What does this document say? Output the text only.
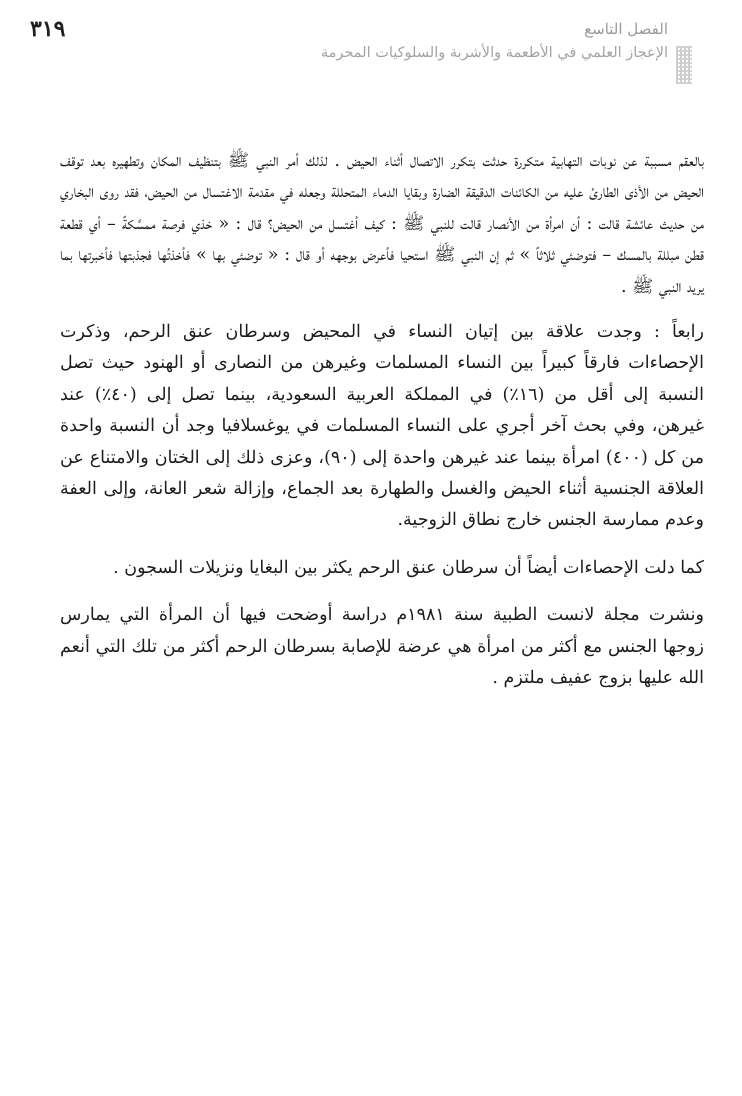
٣١٩	الفصل التاسع
الإعجاز العلمي في الأطعمة والأشربة والسلوكيات المحرمة

بالعقم مسببة عن نوبات التهابية متكررة حدثت بتكرر الاتصال أثناء الحيض . لذلك أمر النبي ﷺ بتنظيف المكان وتطهيره بعد توقف الحيض من الأذى الطارئ عليه من الكائنات الدقيقة الضارة وبقايا الدماء المتحللة وجعله في مقدمة الاغتسال من الحيض، فقد روى البخاري من حديث عائشة قالت : أن امرأة من الأنصار قالت للنبي ﷺ : كيف أغتسل من الحيض؟ قال : « خذي فرصة ممسَّكةً – أي قطعة قطن مبللة بالمسك – فتوضئي ثلاثاً » ثم إن النبي ﷺ استحيا فأعرض بوجهه أو قال : « توضئي بها » فأخذتُها فجذبتها فأخبرتها بما يريد النبي ﷺ .

رابعاً : وجدت علاقة بين إتيان النساء في المحيض وسرطان عنق الرحم، وذكرت الإحصاءات فارقاً كبيراً بين النساء المسلمات وغيرهن من النصارى أو الهنود حيث تصل النسبة إلى أقل من (١٦٪) في المملكة العربية السعودية، بينما تصل إلى (٤٠٪) عند غيرهن، وفي بحث آخر أجري على النساء المسلمات في يوغسلافيا وجد أن النسبة واحدة من كل (٤٠٠) امرأة بينما عند غيرهن واحدة إلى (٩٠)، وعزى ذلك إلى الختان والامتناع عن العلاقة الجنسية أثناء الحيض والغسل والطهارة بعد الجماع، وإزالة شعر العانة، وإلى العفة وعدم ممارسة الجنس خارج نطاق الزوجية.

كما دلت الإحصاءات أيضاً أن سرطان عنق الرحم يكثر بين البغايا ونزيلات السجون .

ونشرت مجلة لانست الطبية سنة ١٩٨١م دراسة أوضحت فيها أن المرأة التي يمارس زوجها الجنس مع أكثر من امرأة هي عرضة للإصابة بسرطان الرحم أكثر من تلك التي أنعم الله عليها بزوج عفيف ملتزم .
